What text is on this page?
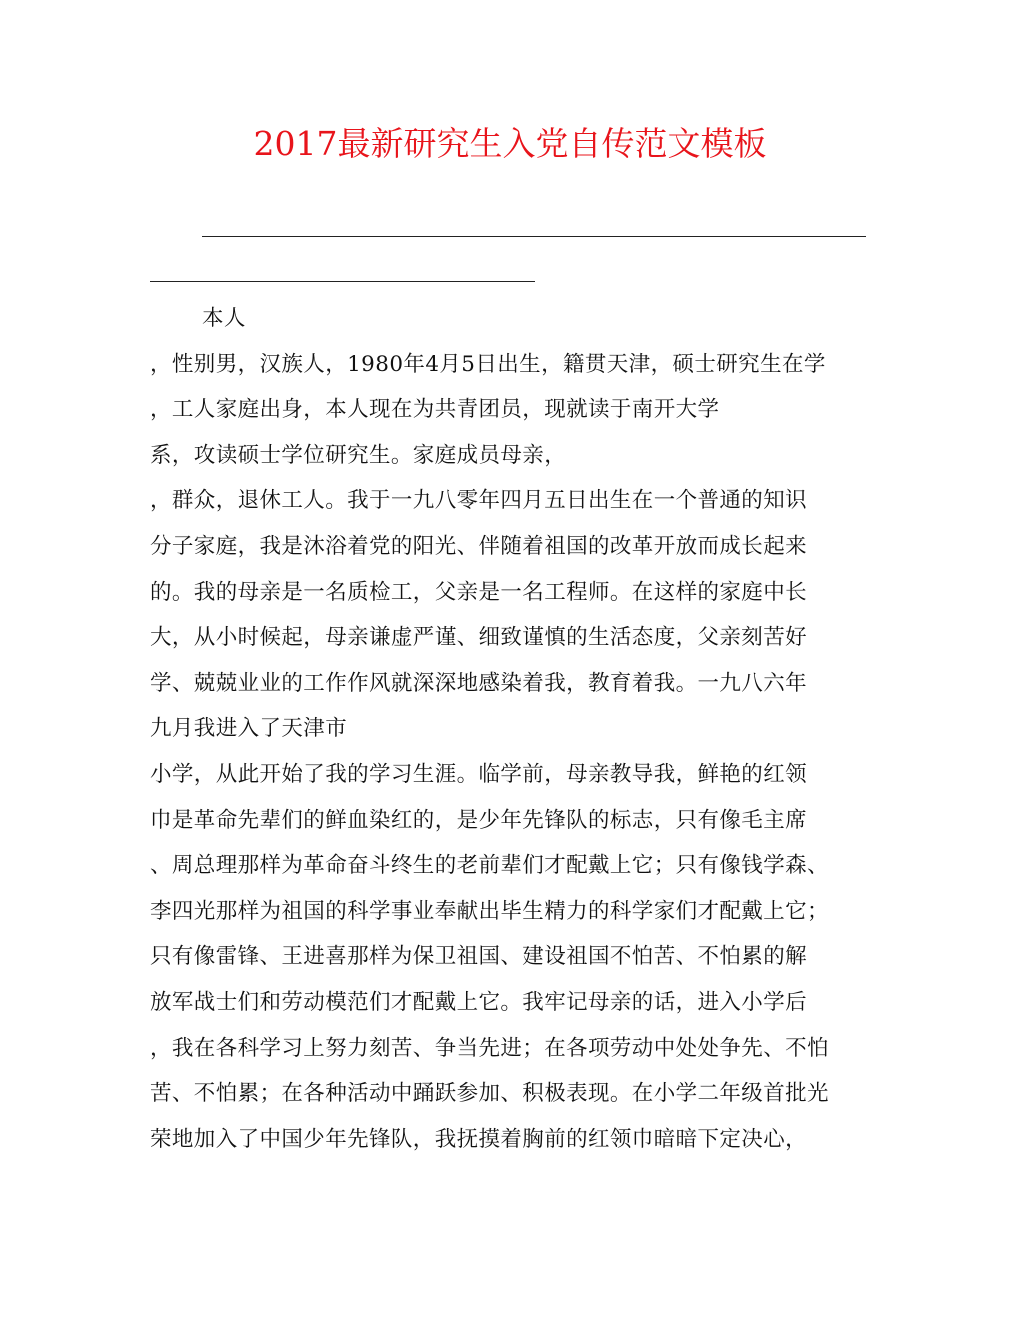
2017最新研究生入党自传范文模板
本人
，性别男，汉族人，1980年4月5日出生，籍贯天津，硕士研究生在学
，工人家庭出身，本人现在为共青团员，现就读于南开大学
系，攻读硕士学位研究生。家庭成员母亲，
，群众，退休工人。我于一九八零年四月五日出生在一个普通的知识
分子家庭，我是沐浴着党的阳光、伴随着祖国的改革开放而成长起来
的。我的母亲是一名质检工，父亲是一名工程师。在这样的家庭中长
大，从小时候起，母亲谦虚严谨、细致谨慎的生活态度，父亲刻苦好
学、兢兢业业的工作作风就深深地感染着我，教育着我。一九八六年
九月我进入了天津市
小学，从此开始了我的学习生涯。临学前，母亲教导我，鲜艳的红领
巾是革命先辈们的鲜血染红的，是少年先锋队的标志，只有像毛主席
、周总理那样为革命奋斗终生的老前辈们才配戴上它；只有像钱学森、
李四光那样为祖国的科学事业奉献出毕生精力的科学家们才配戴上它；
只有像雷锋、王进喜那样为保卫祖国、建设祖国不怕苦、不怕累的解
放军战士们和劳动模范们才配戴上它。我牢记母亲的话，进入小学后
，我在各科学习上努力刻苦、争当先进；在各项劳动中处处争先、不怕
苦、不怕累；在各种活动中踊跃参加、积极表现。在小学二年级首批光
荣地加入了中国少年先锋队，我抚摸着胸前的红领巾暗暗下定决心，
